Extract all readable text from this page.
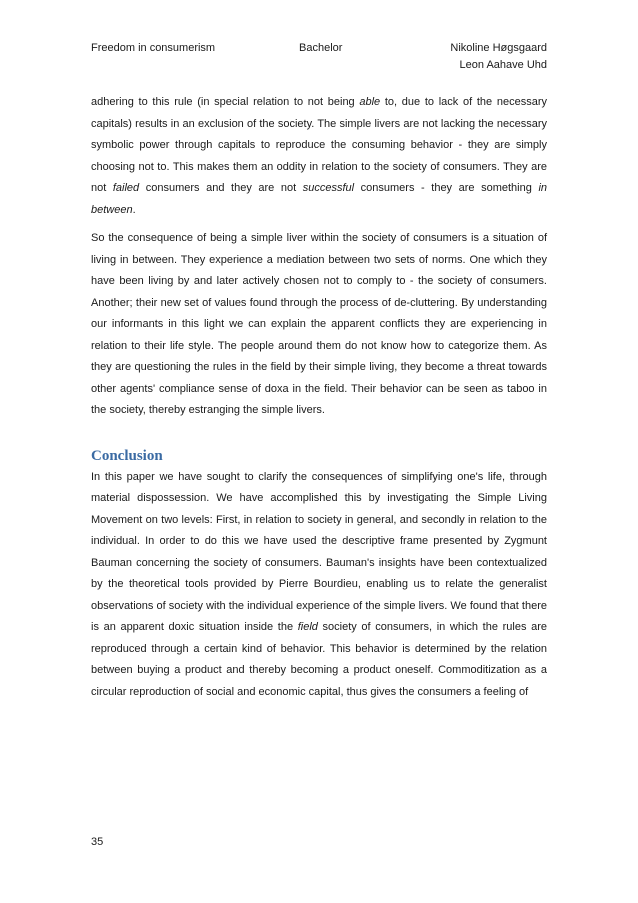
Freedom in consumerism	Bachelor	Nikoline Høgsgaard
Leon Aahave Uhd

adhering to this rule (in special relation to not being able to, due to lack of the necessary capitals) results in an exclusion of the society. The simple livers are not lacking the necessary symbolic power through capitals to reproduce the consuming behavior - they are simply choosing not to. This makes them an oddity in relation to the society of consumers. They are not failed consumers and they are not successful consumers - they are something in between.

So the consequence of being a simple liver within the society of consumers is a situation of living in between. They experience a mediation between two sets of norms. One which they have been living by and later actively chosen not to comply to - the society of consumers. Another; their new set of values found through the process of de-cluttering. By understanding our informants in this light we can explain the apparent conflicts they are experiencing in relation to their life style. The people around them do not know how to categorize them. As they are questioning the rules in the field by their simple living, they become a threat towards other agents' compliance sense of doxa in the field. Their behavior can be seen as taboo in the society, thereby estranging the simple livers.

Conclusion

In this paper we have sought to clarify the consequences of simplifying one's life, through material dispossession. We have accomplished this by investigating the Simple Living Movement on two levels: First, in relation to society in general, and secondly in relation to the individual. In order to do this we have used the descriptive frame presented by Zygmunt Bauman concerning the society of consumers. Bauman's insights have been contextualized by the theoretical tools provided by Pierre Bourdieu, enabling us to relate the generalist observations of society with the individual experience of the simple livers. We found that there is an apparent doxic situation inside the field society of consumers, in which the rules are reproduced through a certain kind of behavior. This behavior is determined by the relation between buying a product and thereby becoming a product oneself. Commoditization as a circular reproduction of social and economic capital, thus gives the consumers a feeling of

35
